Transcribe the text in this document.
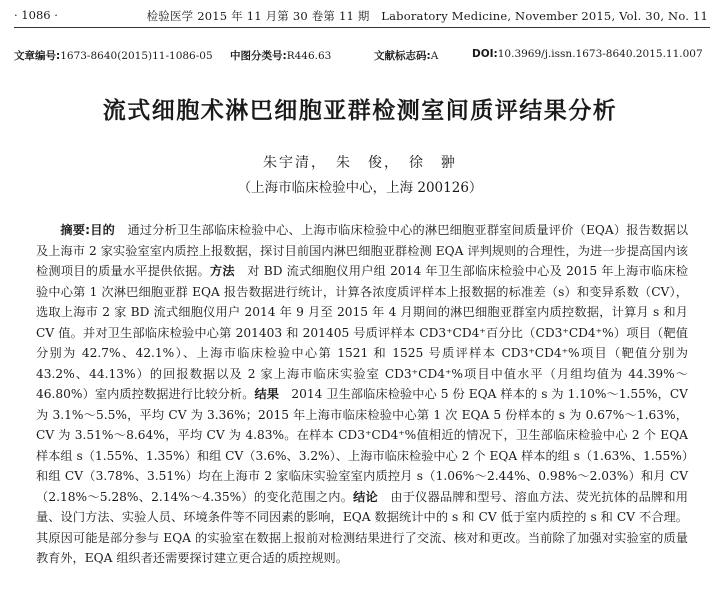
· 1086 ·	检验医学 2015 年 11 月第 30 卷第 11 期　Laboratory Medicine, November 2015, Vol. 30, No. 11
文章编号:1673-8640(2015)11-1086-05 中图分类号:R446.63	文献标志码:A	DOI:10.3969/j.issn.1673-8640.2015.11.007
流式细胞术淋巴细胞亚群检测室间质评结果分析
朱宇清，　朱　俊，　徐　翀
（上海市临床检验中心，上海 200126）

摘要:目的　通过分析卫生部临床检验中心、上海市临床检验中心的淋巴细胞亚群室间质量评价（EQA）报告数据以及上海市 2 家实验室室内质控上报数据，探讨目前国内淋巴细胞亚群检测 EQA 评判规则的合理性，为进一步提高国内该检测项目的质量水平提供依据。方法　对 BD 流式细胞仪用户组 2014 年卫生部临床检验中心及 2015 年上海市临床检验中心第 1 次淋巴细胞亚群 EQA 报告数据进行统计，计算各浓度质评样本上报数据的标准差（s）和变异系数（CV），选取上海市 2 家 BD 流式细胞仪用户 2014 年 9 月至 2015 年 4 月期间的淋巴细胞亚群室内质控数据，计算月 s 和月 CV 值。并对卫生部临床检验中心第 201403 和 201405 号质评样本 CD3⁺CD4⁺百分比（CD3⁺CD4⁺%）项目（靶值分别为 42.7%、42.1%）、上海市临床检验中心第 1521 和 1525 号质评样本 CD3⁺CD4⁺%项目（靶值分别为 43.2%、44.13%）的回报数据以及 2 家上海市临床实验室 CD3⁺CD4⁺%项目中值水平（月组均值为 44.39%～46.80%）室内质控数据进行比较分析。结果　2014 卫生部临床检验中心 5 份 EQA 样本的 s 为 1.10%～1.55%，CV 为 3.1%～5.5%，平均 CV 为 3.36%；2015 年上海市临床检验中心第 1 次 EQA 5 份样本的 s 为 0.67%～1.63%，CV 为 3.51%～8.64%，平均 CV 为 4.83%。在样本 CD3⁺CD4⁺%值相近的情况下，卫生部临床检验中心 2 个 EQA 样本组 s（1.55%、1.35%）和组 CV（3.6%、3.2%）、上海市临床检验中心 2 个 EQA 样本的组 s（1.63%、1.55%）和组 CV（3.78%、3.51%）均在上海市 2 家临床实验室室内质控月 s（1.06%～2.44%、0.98%～2.03%）和月 CV（2.18%～5.28%、2.14%～4.35%）的变化范围之内。结论　由于仪器品牌和型号、溶血方法、荧光抗体的品牌和用量、设门方法、实验人员、环境条件等不同因素的影响，EQA 数据统计中的 s 和 CV 低于室内质控的 s 和 CV 不合理。其原因可能是部分参与 EQA 的实验室在数据上报前对检测结果进行了交流、核对和更改。当前除了加强对实验室的质量教育外，EQA 组织者还需要探讨建立更合适的质控规则。
